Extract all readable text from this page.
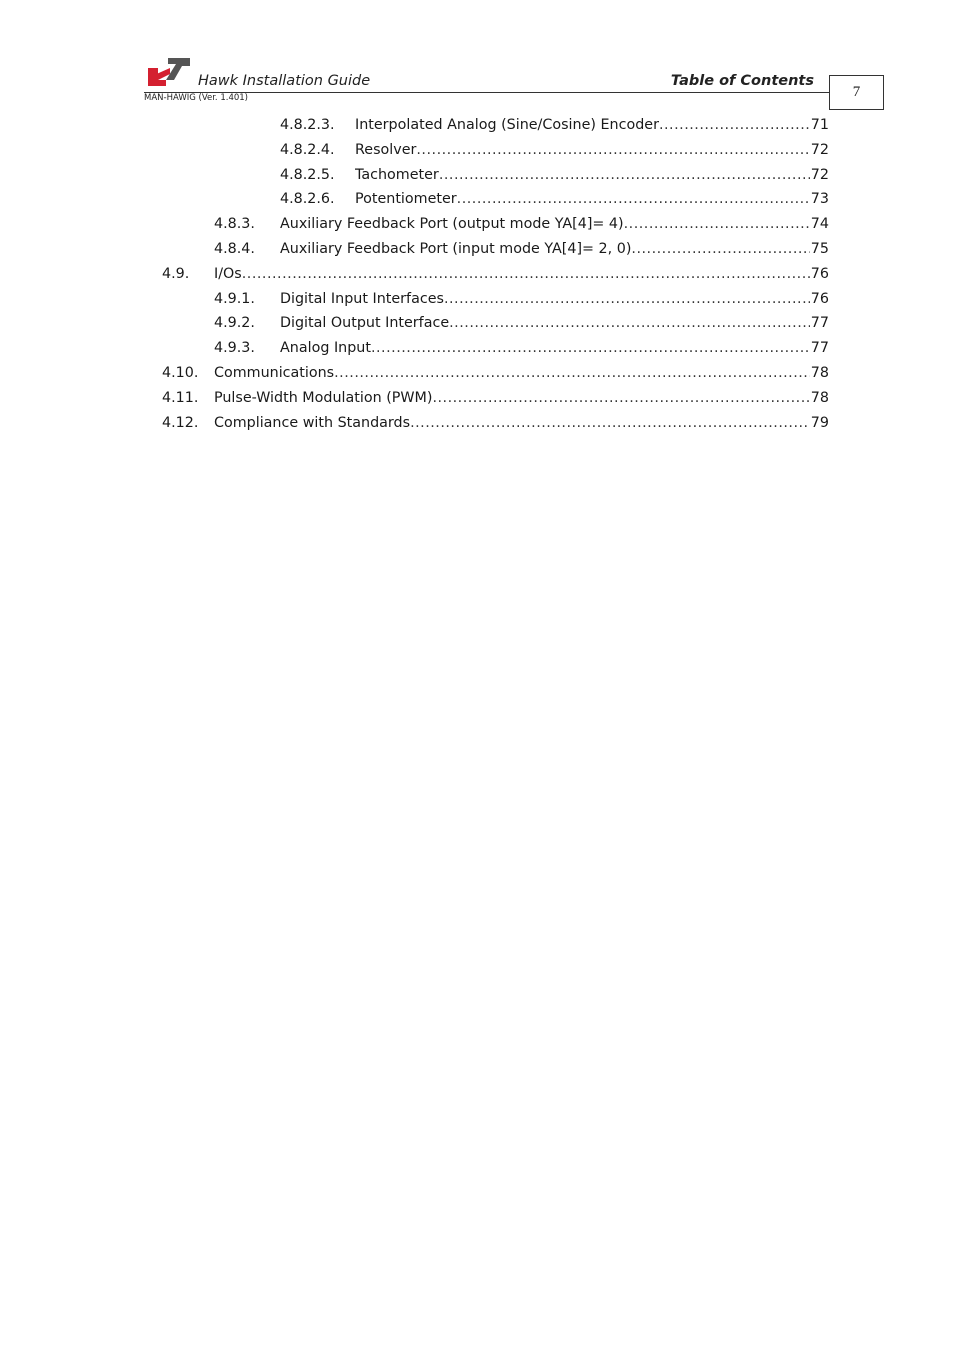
Hawk Installation Guide	Table of Contents
MAN-HAWIG (Ver. 1.401)	7
4.8.2.3. Interpolated Analog (Sine/Cosine) Encoder .....	71
4.8.2.4. Resolver .....	72
4.8.2.5. Tachometer .....	72
4.8.2.6. Potentiometer .....	73
4.8.3. Auxiliary Feedback Port (output mode YA[4]= 4) .....	74
4.8.4. Auxiliary Feedback Port (input mode YA[4]= 2, 0) .....	75
4.9. I/Os .....	76
4.9.1. Digital Input Interfaces .....	76
4.9.2. Digital Output Interface .....	77
4.9.3. Analog Input .....	77
4.10. Communications .....	78
4.11. Pulse-Width Modulation (PWM) .....	78
4.12. Compliance with Standards .....	79
